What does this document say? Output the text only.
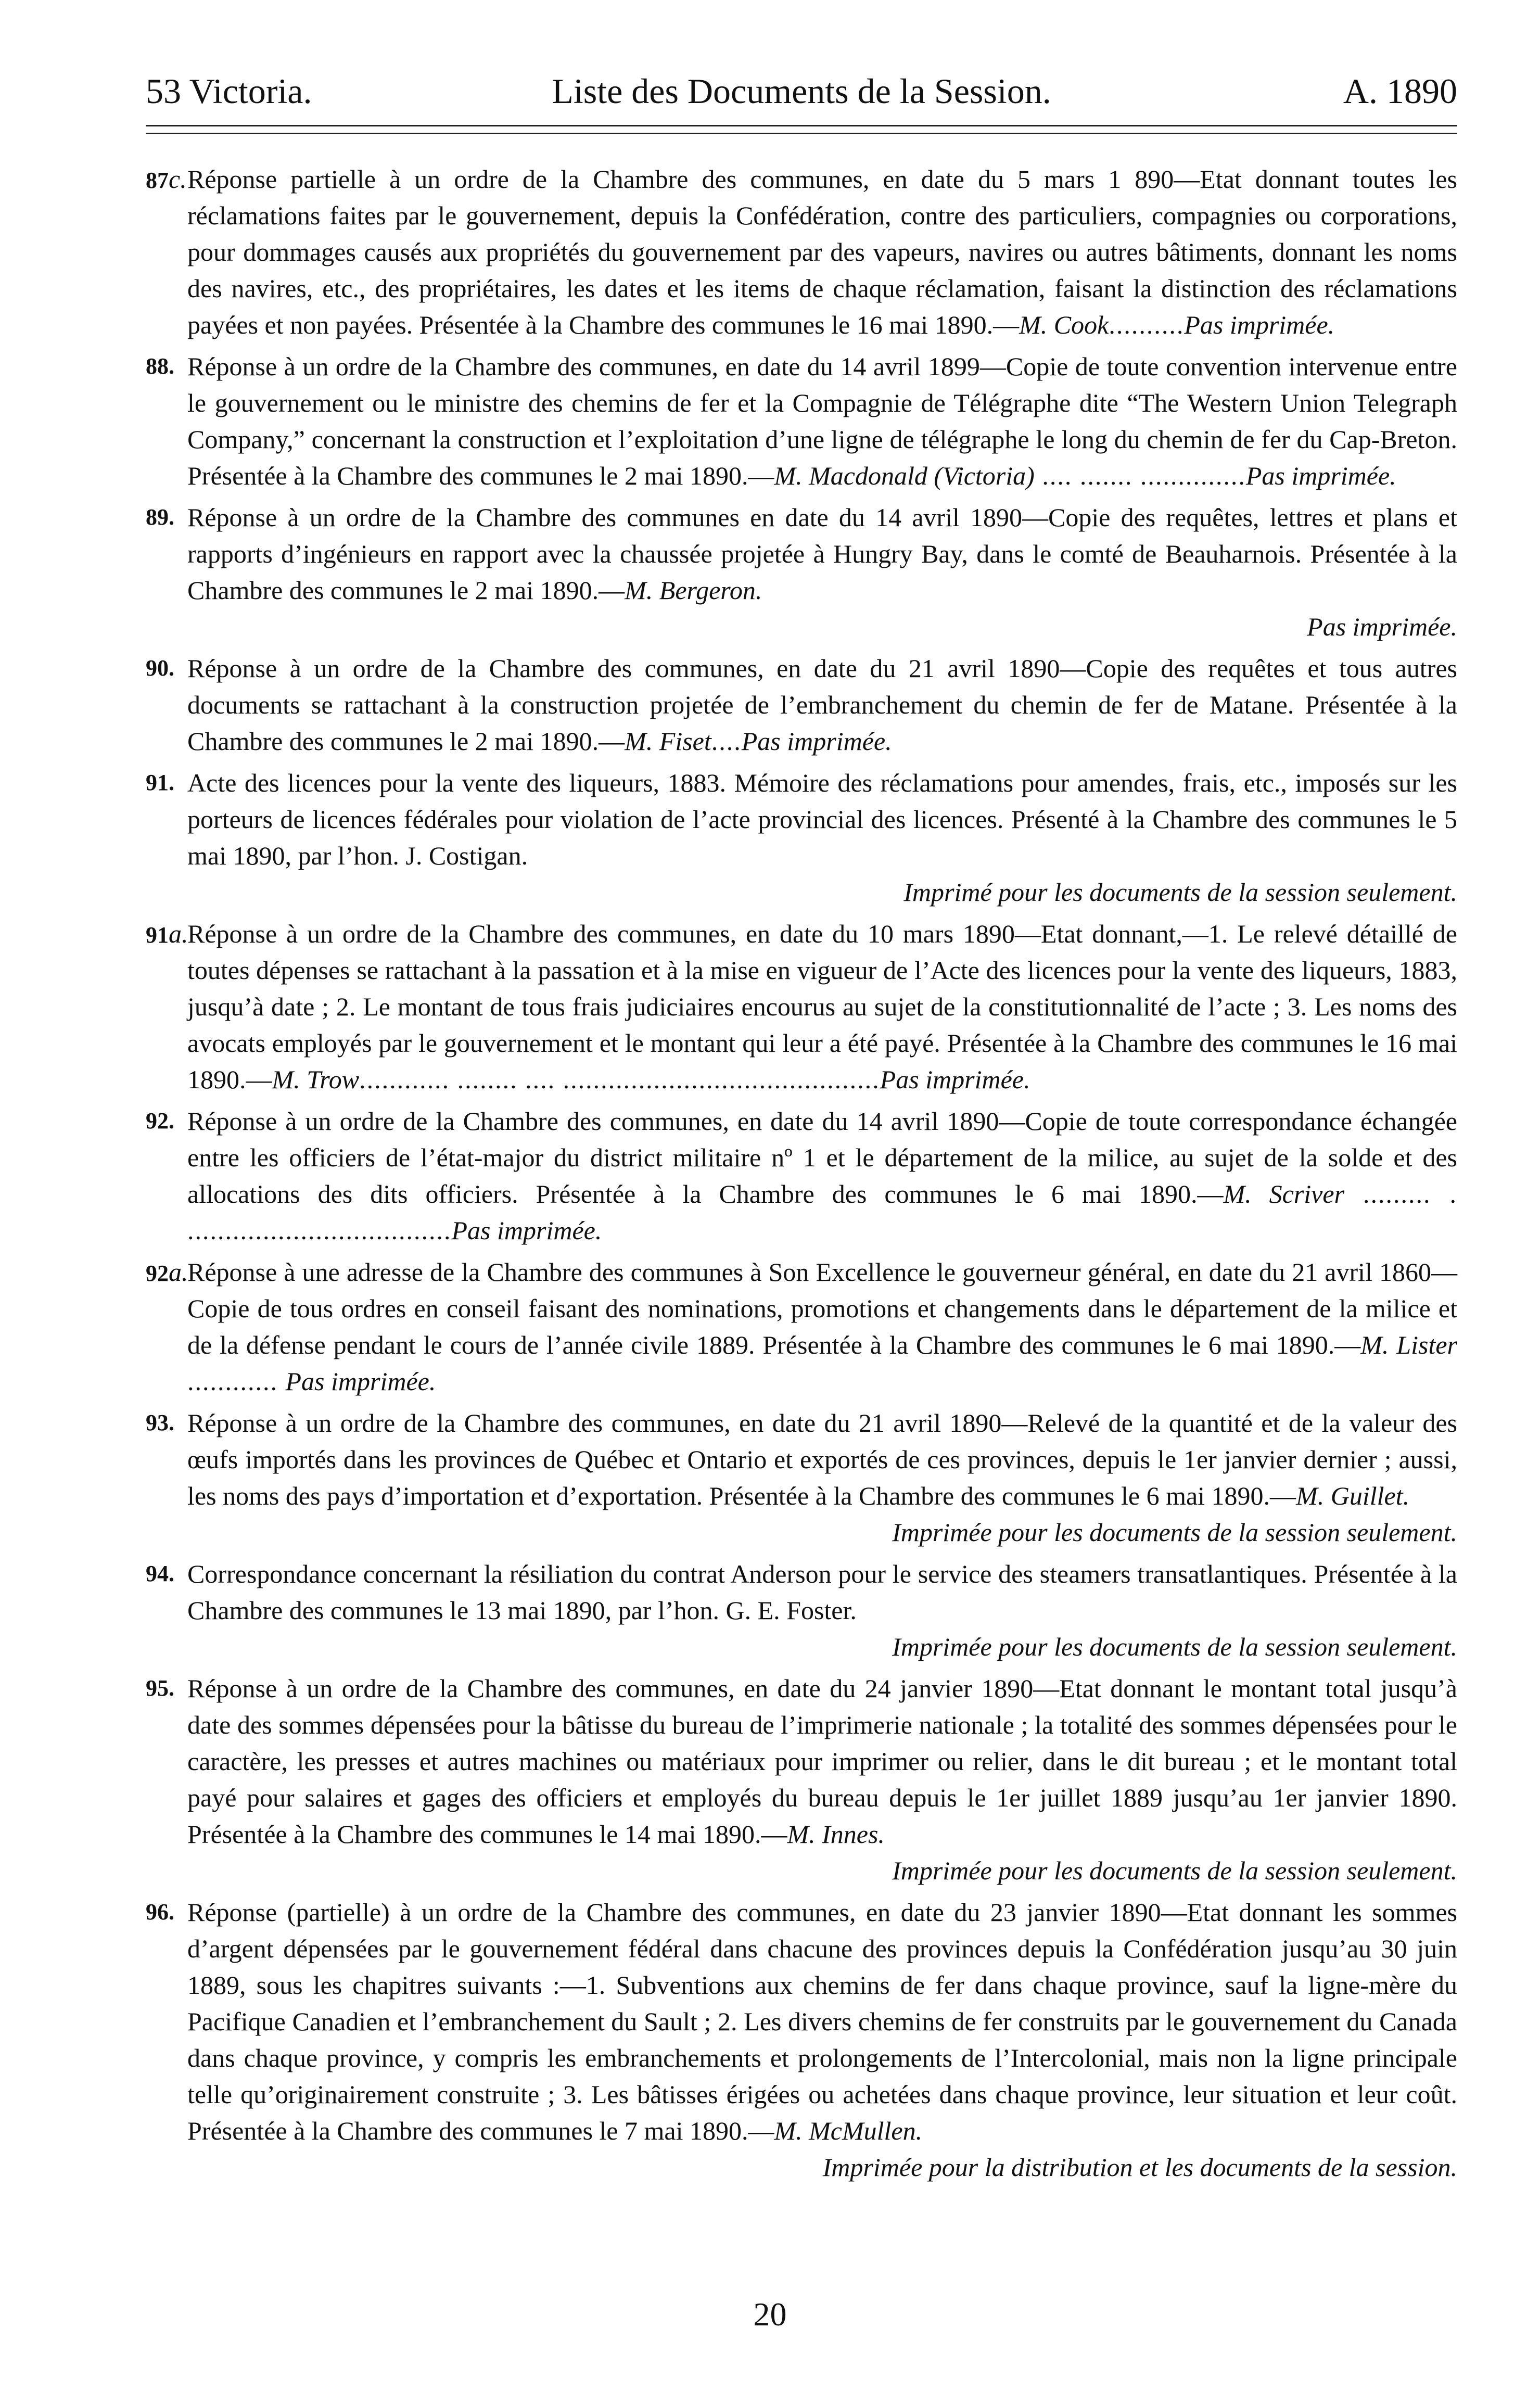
53 Victoria.	Liste des Documents de la Session.	A. 1890
87c. Réponse partielle à un ordre de la Chambre des communes, en date du 5 mars 1 890—Etat donnant toutes les réclamations faites par le gouvernement, depuis la Confédération, contre des particuliers, compagnies ou corporations, pour dommages causés aux propriétés du gouvernement par des vapeurs, navires ou autres bâtiments, donnant les noms des navires, etc., des propriétaires, les dates et les items de chaque réclamation, faisant la distinction des réclamations payées et non payées. Présentée à la Chambre des communes le 16 mai 1890.—M. Cook..........Pas imprimée.
88. Réponse à un ordre de la Chambre des communes, en date du 14 avril 1899—Copie de toute convention intervenue entre le gouvernement ou le ministre des chemins de fer et la Compagnie de Télégraphe dite “The Western Union Telegraph Company,” concernant la construction et l’exploitation d’une ligne de télégraphe le long du chemin de fer du Cap-Breton. Présentée à la Chambre des communes le 2 mai 1890.—M. Macdonald (Victoria) .... ....... ..............Pas imprimée.
89. Réponse à un ordre de la Chambre des communes en date du 14 avril 1890—Copie des requêtes, lettres et plans et rapports d’ingénieurs en rapport avec la chaussée projetée à Hungry Bay, dans le comté de Beauharnois. Présentée à la Chambre des communes le 2 mai 1890.—M. Bergeron.
Pas imprimée.
90. Réponse à un ordre de la Chambre des communes, en date du 21 avril 1890—Copie des requêtes et tous autres documents se rattachant à la construction projetée de l’embranchement du chemin de fer de Matane. Présentée à la Chambre des communes le 2 mai 1890.—M. Fiset....Pas imprimée.
91. Acte des licences pour la vente des liqueurs, 1883. Mémoire des réclamations pour amendes, frais, etc., imposés sur les porteurs de licences fédérales pour violation de l’acte provincial des licences. Présenté à la Chambre des communes le 5 mai 1890, par l’hon. J. Costigan.
Imprimé pour les documents de la session seulement.
91a.
Réponse à un ordre de la Chambre des communes, en date du 10 mars 1890—Etat donnant,—1. Le relevé détaillé de toutes dépenses se rattachant à la passation et à la mise en vigueur de l’Acte des licences pour la vente des liqueurs, 1883, jusqu’à date ; 2. Le montant de tous frais judiciaires encourus au sujet de la constitutionnalité de l’acte ; 3. Les noms des avocats employés par le gouvernement et le montant qui leur a été payé. Présentée à la Chambre des communes le 16 mai 1890.—M. Trow............ ........ .... ..........................................Pas imprimée.
92. Réponse à un ordre de la Chambre des communes, en date du 14 avril 1890—Copie de toute correspondance échangée entre les officiers de l’état-major du district militaire nº 1 et le département de la milice, au sujet de la solde et des allocations des dits officiers. Présentée à la Chambre des communes le 6 mai 1890.—M. Scriver ......... . ...................................Pas imprimée.
92a.
Réponse à une adresse de la Chambre des communes à Son Excellence le gouverneur général, en date du 21 avril 1860—Copie de tous ordres en conseil faisant des nominations, promotions et changements dans le département de la milice et de la défense pendant le cours de l’année civile 1889. Présentée à la Chambre des communes le 6 mai 1890.—M. Lister ............ Pas imprimée.
93. Réponse à un ordre de la Chambre des communes, en date du 21 avril 1890—Relevé de la quantité et de la valeur des œufs importés dans les provinces de Québec et Ontario et exportés de ces provinces, depuis le 1er janvier dernier ; aussi, les noms des pays d’importation et d’exportation. Présentée à la Chambre des communes le 6 mai 1890.—M. Guillet.
Imprimée pour les documents de la session seulement.
94. Correspondance concernant la résiliation du contrat Anderson pour le service des steamers transatlantiques. Présentée à la Chambre des communes le 13 mai 1890, par l’hon. G. E. Foster.
Imprimée pour les documents de la session seulement.
95. Réponse à un ordre de la Chambre des communes, en date du 24 janvier 1890—Etat donnant le montant total jusqu’à date des sommes dépensées pour la bâtisse du bureau de l’imprimerie nationale ; la totalité des sommes dépensées pour le caractère, les presses et autres machines ou matériaux pour imprimer ou relier, dans le dit bureau ; et le montant total payé pour salaires et gages des officiers et employés du bureau depuis le 1er juillet 1889 jusqu’au 1er janvier 1890. Présentée à la Chambre des communes le 14 mai 1890.—M. Innes.
Imprimée pour les documents de la session seulement.
96. Réponse (partielle) à un ordre de la Chambre des communes, en date du 23 janvier 1890—Etat donnant les sommes d’argent dépensées par le gouvernement fédéral dans chacune des provinces depuis la Confédération jusqu’au 30 juin 1889, sous les chapitres suivants :—1. Subventions aux chemins de fer dans chaque province, sauf la ligne-mère du Pacifique Canadien et l’embranchement du Sault ; 2. Les divers chemins de fer construits par le gouvernement du Canada dans chaque province, y compris les embranchements et prolongements de l’Intercolonial, mais non la ligne principale telle qu’originairement construite ; 3. Les bâtisses érigées ou achetées dans chaque province, leur situation et leur coût. Présentée à la Chambre des communes le 7 mai 1890.—M. McMullen.
Imprimée pour la distribution et les documents de la session.
20
